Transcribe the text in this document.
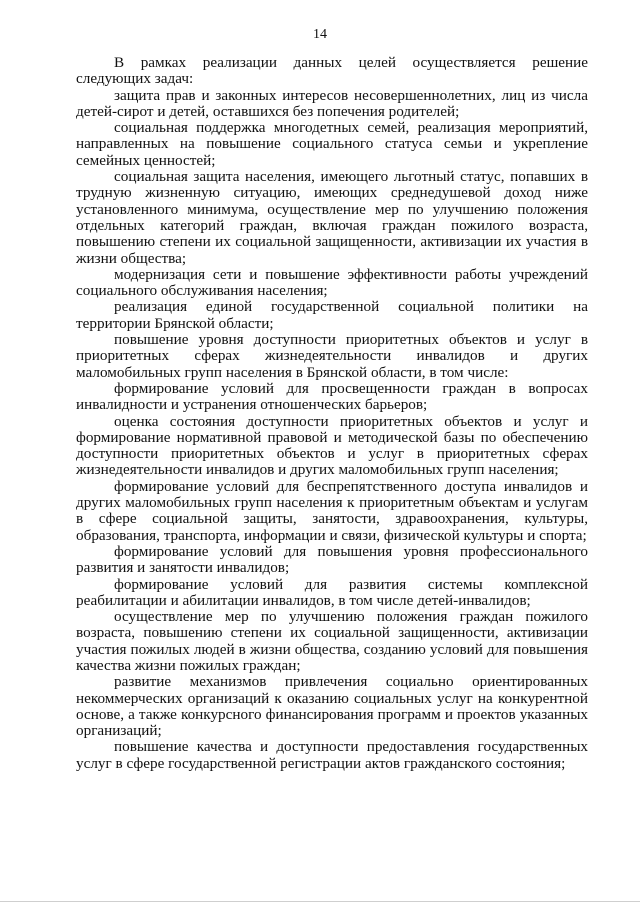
14

В рамках реализации данных целей осуществляется решение следующих задач:

защита прав и законных интересов несовершеннолетних, лиц из числа детей-сирот и детей, оставшихся без попечения родителей;

социальная поддержка многодетных семей, реализация мероприятий, направленных на повышение социального статуса семьи и укрепление семейных ценностей;

социальная защита населения, имеющего льготный статус, попавших в трудную жизненную ситуацию, имеющих среднедушевой доход ниже установленного минимума, осуществление мер по улучшению положения отдельных категорий граждан, включая граждан пожилого возраста, повышению степени их социальной защищенности, активизации их участия в жизни общества;

модернизация сети и повышение эффективности работы учреждений социального обслуживания населения;

реализация единой государственной социальной политики на территории Брянской области;

повышение уровня доступности приоритетных объектов и услуг в приоритетных сферах жизнедеятельности инвалидов и других маломобильных групп населения в Брянской области, в том числе:

формирование условий для просвещенности граждан в вопросах инвалидности и устранения отношенческих барьеров;

оценка состояния доступности приоритетных объектов и услуг и формирование нормативной правовой и методической базы по обеспечению доступности приоритетных объектов и услуг в приоритетных сферах жизнедеятельности инвалидов и других маломобильных групп населения;

формирование условий для беспрепятственного доступа инвалидов и других маломобильных групп населения к приоритетным объектам и услугам в сфере социальной защиты, занятости, здравоохранения, культуры, образования, транспорта, информации и связи, физической культуры и спорта;

формирование условий для повышения уровня профессионального развития и занятости инвалидов;

формирование условий для развития системы комплексной реабилитации и абилитации инвалидов, в том числе детей-инвалидов;

осуществление мер по улучшению положения граждан пожилого возраста, повышению степени их социальной защищенности, активизации участия пожилых людей в жизни общества, созданию условий для повышения качества жизни пожилых граждан;

развитие механизмов привлечения социально ориентированных некоммерческих организаций к оказанию социальных услуг на конкурентной основе, а также конкурсного финансирования программ и проектов указанных организаций;

повышение качества и доступности предоставления государственных услуг в сфере государственной регистрации актов гражданского состояния;
